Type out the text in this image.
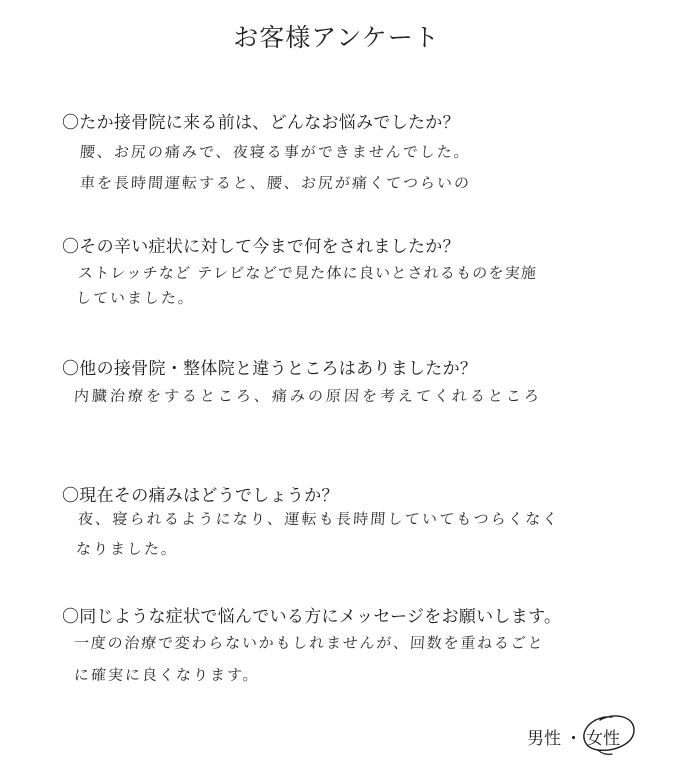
お客様アンケート
〇たか接骨院に来る前は、どんなお悩みでしたか？
腰、お尻の痛みで、夜寝る事ができませんでした。
車を長時間運転すると、腰、お尻が痛くてつらいの
〇その辛い症状に対して今まで何をされましたか？
ストレッチなど テレビなどで見た体に良いとされるものを実施
していました。
〇他の接骨院・整体院と違うところはありましたか？
内臓治療をするところ、痛みの原因を考えてくれるところ
〇現在その痛みはどうでしょうか？
夜、寝られるようになり、運転も長時間していてもつらくなく
なりました。
〇同じような症状で悩んでいる方にメッセージをお願いします。
一度の治療で変わらないかもしれませんが、回数を重ねるごと
に確実に良くなります。
男性 ・ 女性
